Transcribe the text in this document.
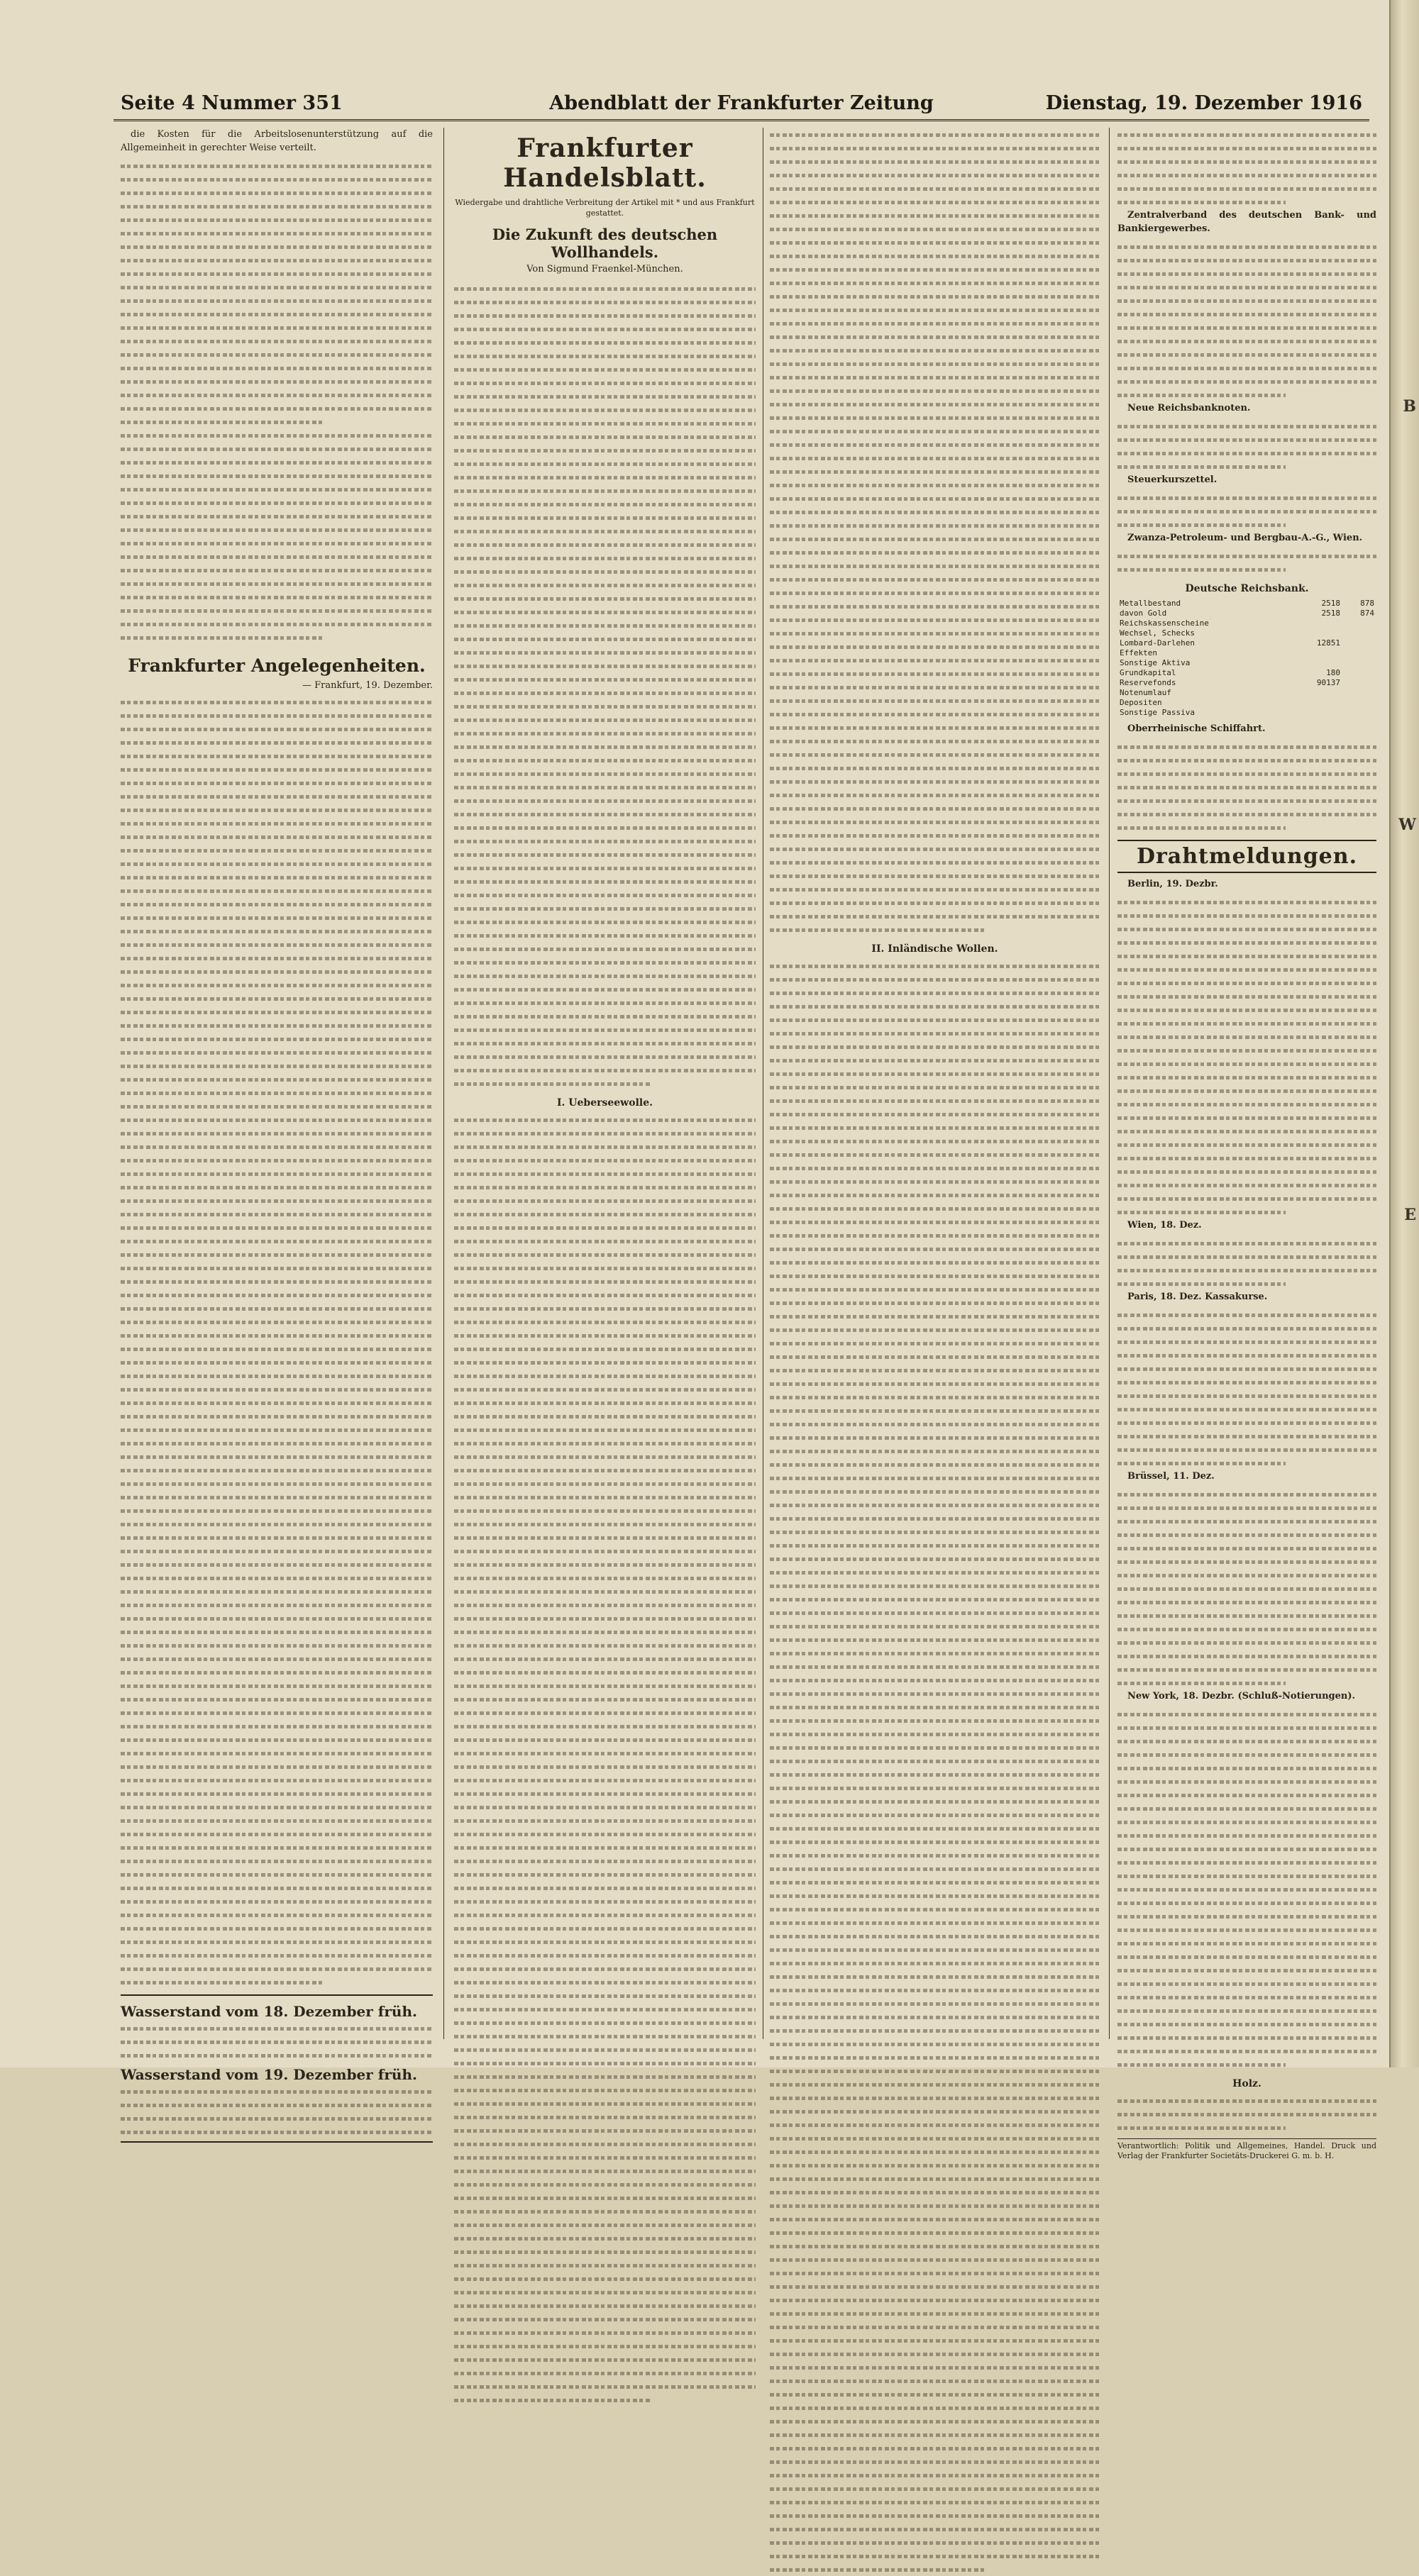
Seite 4 Nummer 351	Abendblatt der Frankfurter Zeitung	Dienstag, 19. Dezember 1916

die Kosten für die Arbeitslosenunterstützung auf die Allgemeinheit in gerechter Weise verteilt.

Frankfurter Angelegenheiten.
— Frankfurt, 19. Dezember.
Wasserstand vom 18. Dezember früh.
Wasserstand vom 19. Dezember früh.
Frankfurter Handelsblatt.
Wiedergabe und drahtliche Verbreitung der Artikel mit * und aus Frankfurt gestattet.
Die Zukunft des deutschen Wollhandels.
Von Sigmund Fraenkel-München.
I. Ueberseewolle.
II. Inländische Wollen.

Zentralverband des deutschen Bank- und Bankiergewerbes.

Neue Reichsbanknoten.

Steuerkurszettel.

Zwanza-Petroleum- und Bergbau-A.-G., Wien.

Deutsche Reichsbank.
Metallbestand	2518	878
davon Gold	2518	874
Reichskassenscheine		
Wechsel, Schecks		
Lombard-Darlehen	12851	
Effekten		
Sonstige Aktiva		
Grundkapital	180	
Reservefonds	90137	
Notenumlauf		
Depositen		
Sonstige Passiva		

Oberrheinische Schiffahrt.

Drahtmeldungen.

Berlin, 19. Dezbr.

Wien, 18. Dez.

Paris, 18. Dez. Kassakurse.

Brüssel, 11. Dez.

New York, 18. Dezbr. (Schluß-Notierungen).

Holz.
Verantwortlich: Politik und Allgemeines, Handel. Druck und Verlag der Frankfurter Societäts-Druckerei G. m. b. H.
B
W
E
